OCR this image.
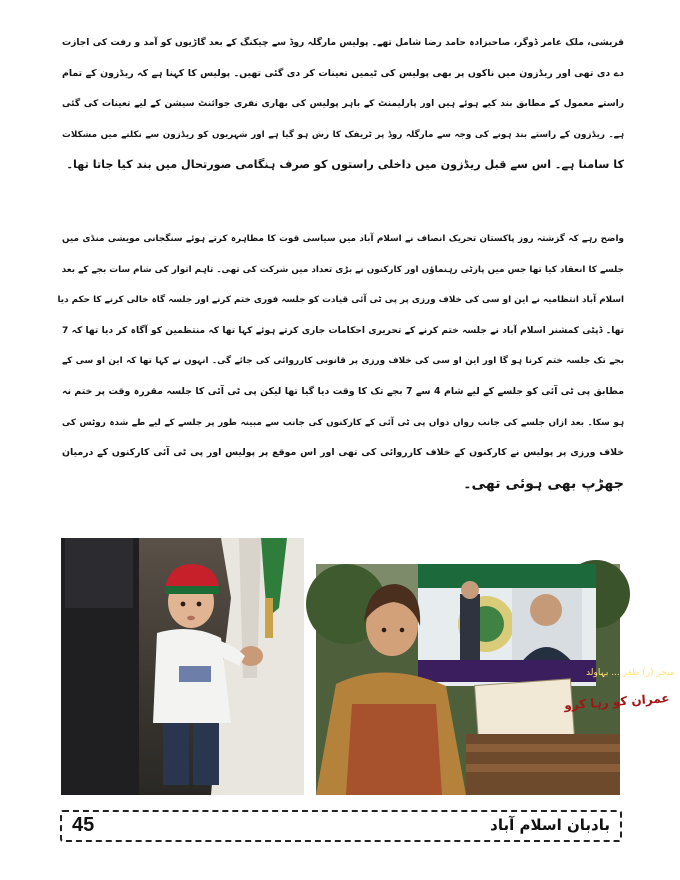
قریشی، ملک عامر ڈوگر، صاحبزادہ حامد رضا شامل تھے۔ پولیس مارگلہ روڈ سے چیکنگ کے بعد گاڑیوں کو آمد و رفت کی اجازت
دے دی تھی اور ریڈزون میں ناکوں پر بھی پولیس کی ٹیمیں تعینات کر دی گئی تھیں۔ پولیس کا کہنا ہے کہ ریڈزون کے تمام
راستے معمول کے مطابق بند کیے ہوئے ہیں اور پارلیمنٹ کے باہر پولیس کی بھاری نفری جوائنٹ سیشن کے لیے تعینات کی گئی
ہے۔ ریڈزون کے راستے بند ہونے کی وجہ سے مارگلہ روڈ پر ٹریفک کا رش ہو گیا ہے اور شہریوں کو ریڈزون سے نکلنے میں مشکلات
کا سامنا ہے۔ اس سے قبل ریڈزون میں داخلی راستوں کو صرف ہنگامی صورتحال میں بند کیا جاتا تھا۔
واضح رہے کہ گزشتہ روز پاکستان تحریک انصاف نے اسلام آباد میں سیاسی قوت کا مظاہرہ کرتے ہوئے سنگجانی مویشی منڈی میں
جلسے کا انعقاد کیا تھا جس میں پارٹی رہنماؤں اور کارکنوں نے بڑی تعداد میں شرکت کی تھی۔ تاہم اتوار کی شام سات بجے کے بعد
اسلام آباد انتظامیہ نے این او سی کی خلاف ورزی پر پی ٹی آئی قیادت کو جلسہ فوری ختم کرنے اور جلسہ گاہ خالی کرنے کا حکم دیا
تھا۔ ڈپٹی کمشنر اسلام آباد نے جلسہ ختم کرنے کے تحریری احکامات جاری کرتے ہوئے کہا تھا کہ منتظمین کو آگاہ کر دیا تھا کہ 7
بجے تک جلسہ ختم کرنا ہو گا اور این او سی کی خلاف ورزی پر قانونی کارروائی کی جائے گی۔ انہوں نے کہا تھا کہ این او سی کے
مطابق پی ٹی آئی کو جلسے کے لیے شام 4 سے 7 بجے تک کا وقت دیا گیا تھا لیکن پی ٹی آئی کا جلسہ مقررہ وقت پر ختم نہ
ہو سکا۔ بعد ازاں جلسے کی جانب رواں دواں پی ٹی آئی کے کارکنوں کی جانب سے مبینہ طور پر جلسے کے لیے طے شدہ روٹس کی
خلاف ورزی پر پولیس نے کارکنوں کے خلاف کارروائی کی تھی اور اس موقع پر پولیس اور پی ٹی آئی کارکنوں کے درمیان
جھڑپ بھی ہوئی تھی۔
میجر (ر) ظفر ... بہاولد
عمران کو رہا کرو
45	بادبان اسلام آباد
